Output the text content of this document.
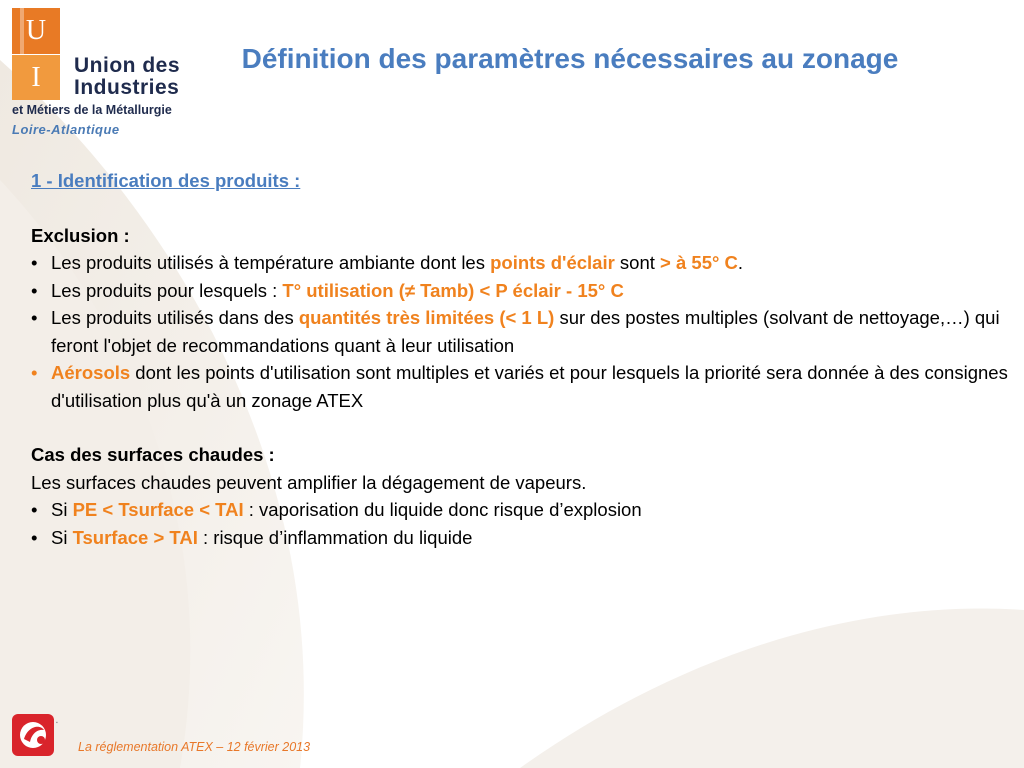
U
I	Union des
Industries
et Métiers de la Métallurgie
Loire-Atlantique
Définition des paramètres nécessaires au zonage
1 - Identification des produits :
Exclusion :
• Les produits utilisés à température ambiante dont les points d'éclair sont > à 55° C.
• Les produits pour lesquels : T° utilisation (≠ Tamb) < P éclair - 15° C
• Les produits utilisés dans des quantités très limitées (< 1 L) sur des postes multiples (solvant de nettoyage,…) qui feront l'objet de recommandations quant à leur utilisation
• Aérosols dont les points d'utilisation sont multiples et variés et pour lesquels la priorité sera donnée à des consignes d'utilisation plus qu'à un zonage ATEX
Cas des surfaces chaudes :
Les surfaces chaudes peuvent amplifier la dégagement de vapeurs.
• Si PE < Tsurface < TAI : vaporisation du liquide donc risque d’explosion
• Si Tsurface > TAI : risque d’inflammation du liquide
▪
La réglementation ATEX – 12 février 2013
